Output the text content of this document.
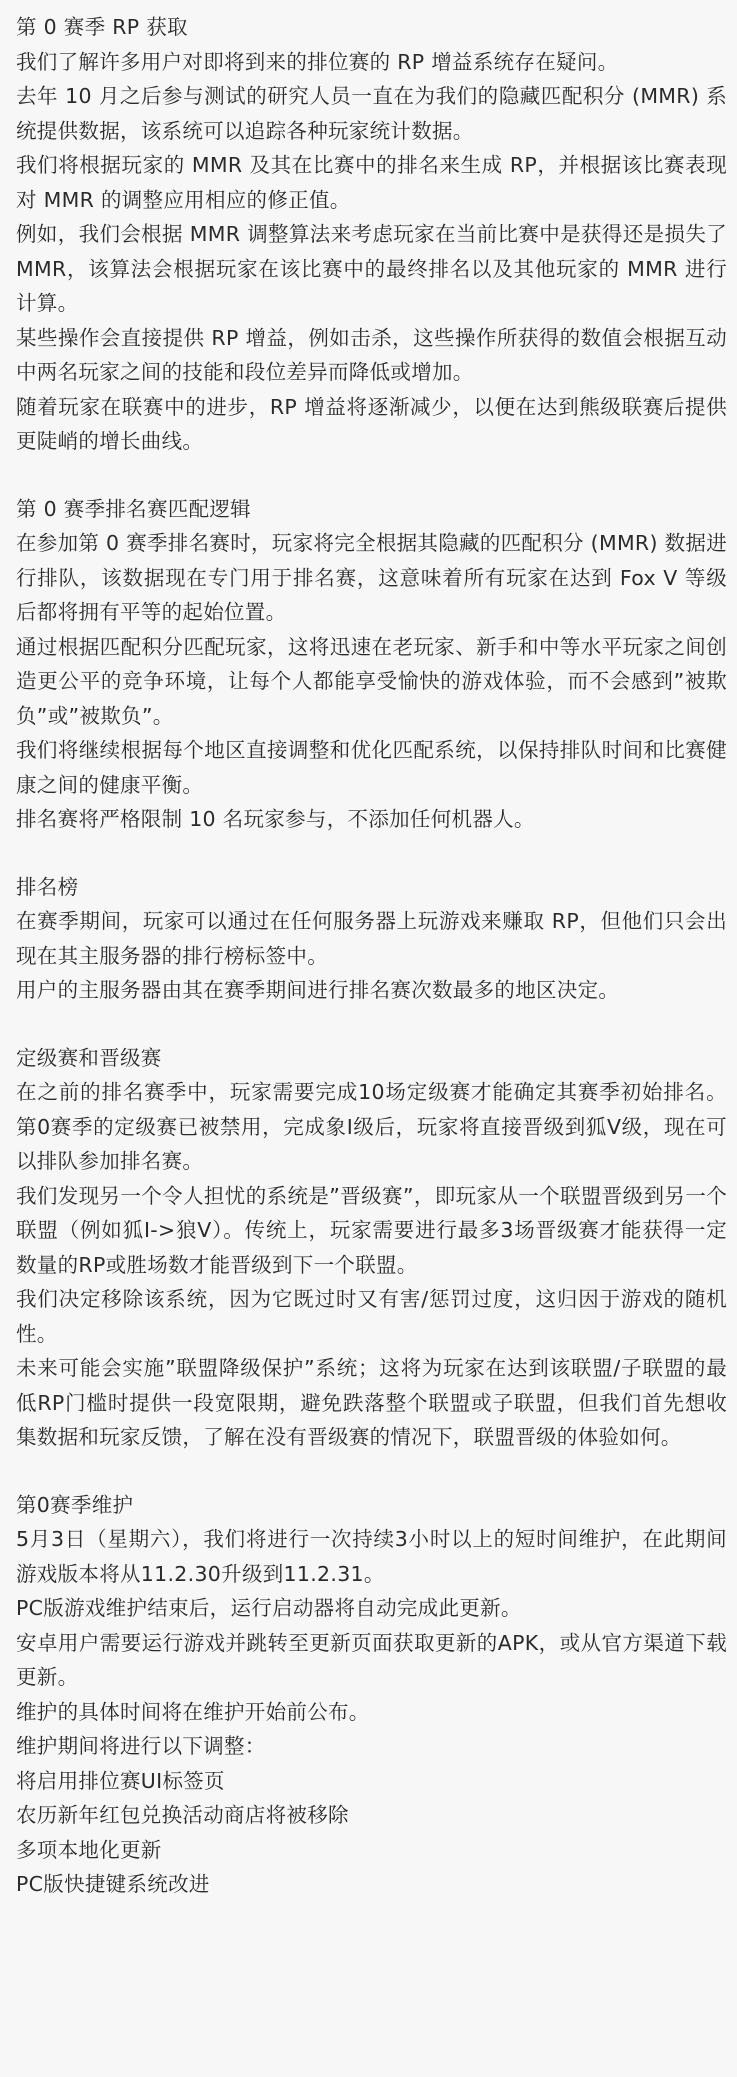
第 0 赛季 RP 获取

我们了解许多用户对即将到来的排位赛的 RP 增益系统存在疑问。

去年 10 月之后参与测试的研究人员一直在为我们的隐藏匹配积分 (MMR) 系统提供数据，该系统可以追踪各种玩家统计数据。

我们将根据玩家的 MMR 及其在比赛中的排名来生成 RP，并根据该比赛表现对 MMR 的调整应用相应的修正值。

例如，我们会根据 MMR 调整算法来考虑玩家在当前比赛中是获得还是损失了 MMR，该算法会根据玩家在该比赛中的最终排名以及其他玩家的 MMR 进行计算。

某些操作会直接提供 RP 增益，例如击杀，这些操作所获得的数值会根据互动中两名玩家之间的技能和段位差异而降低或增加。

随着玩家在联赛中的进步，RP 增益将逐渐减少，以便在达到熊级联赛后提供更陡峭的增长曲线。

第 0 赛季排名赛匹配逻辑

在参加第 0 赛季排名赛时，玩家将完全根据其隐藏的匹配积分 (MMR) 数据进行排队，该数据现在专门用于排名赛，这意味着所有玩家在达到 Fox V 等级后都将拥有平等的起始位置。

通过根据匹配积分匹配玩家，这将迅速在老玩家、新手和中等水平玩家之间创造更公平的竞争环境，让每个人都能享受愉快的游戏体验，而不会感到”被欺负”或”被欺负”。

我们将继续根据每个地区直接调整和优化匹配系统，以保持排队时间和比赛健康之间的健康平衡。

排名赛将严格限制 10 名玩家参与，不添加任何机器人。

排名榜

在赛季期间，玩家可以通过在任何服务器上玩游戏来赚取 RP，但他们只会出现在其主服务器的排行榜标签中。

用户的主服务器由其在赛季期间进行排名赛次数最多的地区决定。

定级赛和晋级赛

在之前的排名赛季中，玩家需要完成10场定级赛才能确定其赛季初始排名。第0赛季的定级赛已被禁用，完成象I级后，玩家将直接晋级到狐V级，现在可以排队参加排名赛。

我们发现另一个令人担忧的系统是”晋级赛”，即玩家从一个联盟晋级到另一个联盟（例如狐I->狼V）。传统上，玩家需要进行最多3场晋级赛才能获得一定数量的RP或胜场数才能晋级到下一个联盟。

我们决定移除该系统，因为它既过时又有害/惩罚过度，这归因于游戏的随机性。

未来可能会实施”联盟降级保护”系统；这将为玩家在达到该联盟/子联盟的最低RP门槛时提供一段宽限期，避免跌落整个联盟或子联盟，但我们首先想收集数据和玩家反馈，了解在没有晋级赛的情况下，联盟晋级的体验如何。

第0赛季维护

5月3日（星期六），我们将进行一次持续3小时以上的短时间维护，在此期间游戏版本将从11.2.30升级到11.2.31。

PC版游戏维护结束后，运行启动器将自动完成此更新。

安卓用户需要运行游戏并跳转至更新页面获取更新的APK，或从官方渠道下载更新。

维护的具体时间将在维护开始前公布。

维护期间将进行以下调整：

将启用排位赛UI标签页

农历新年红包兑换活动商店将被移除

多项本地化更新

PC版快捷键系统改进
